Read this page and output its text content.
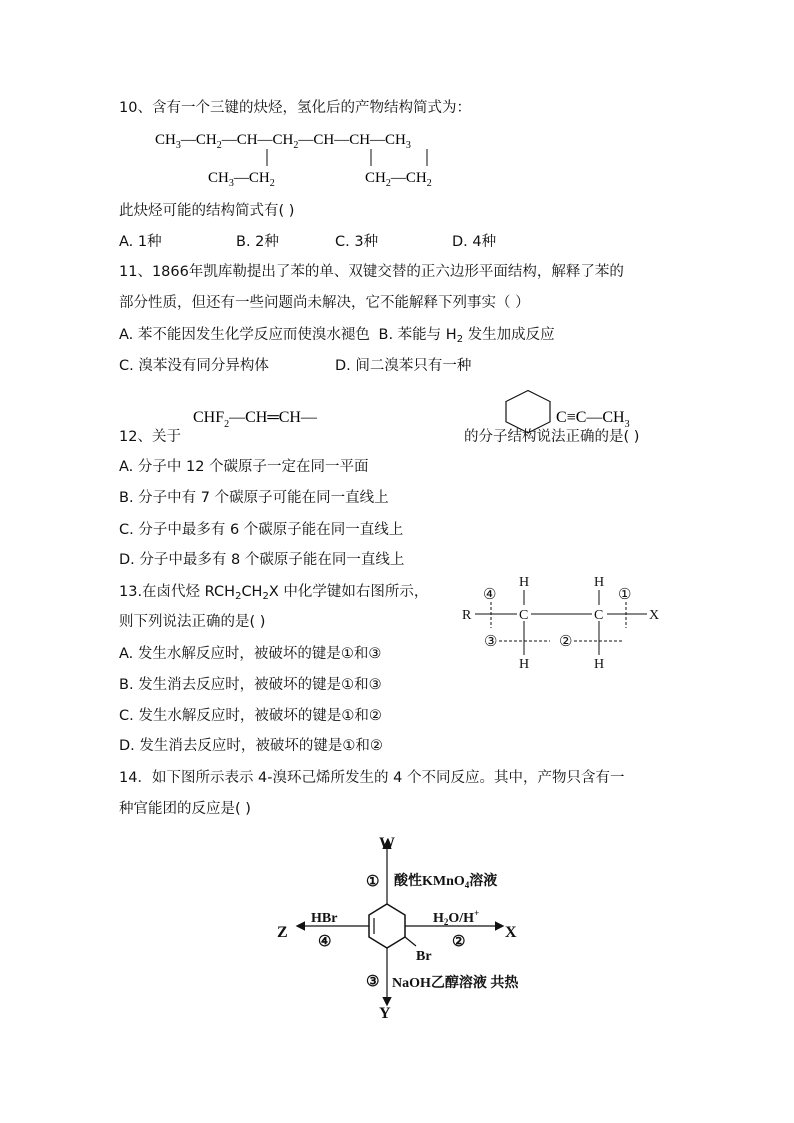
10、含有一个三键的炔烃，氢化后的产物结构简式为：
$CH_3—CH_2—CH—CH_2—CH—CH—CH_3$
$CH_3—CH_2$	$CH_2—CH_2$
此炔烃可能的结构简式有( )
A. 1种	B. 2种	C. 3种	D. 4种
11、1866年凯库勒提出了苯的单、双键交替的正六边形平面结构，解释了苯的
部分性质，但还有一些问题尚未解决，它不能解释下列事实（ ）
A. 苯不能因发生化学反应而使溴水褪色 B. 苯能与 $H_2$ 发生加成反应
C. 溴苯没有同分异构体	D. 间二溴苯只有一种
12、关于
$CHF_2—CH═CH—$	$C\equiv C—CH_3$
的分子结构说法正确的是( )
A. 分子中 12 个碳原子一定在同一平面
B. 分子中有 7 个碳原子可能在同一直线上
C. 分子中最多有 6 个碳原子能在同一直线上
D. 分子中最多有 8 个碳原子能在同一直线上
13.在卤代烃 $RCH_2CH_2X$ 中化学键如右图所示，
则下列说法正确的是( )
A. 发生水解反应时，被破坏的键是①和③
B. 发生消去反应时，被破坏的键是①和③
C. 发生水解反应时，被破坏的键是①和②
D. 发生消去反应时，被破坏的键是①和②
R
H	H
C	C
H	H
X
④	①
③	②
14．如下图所示表示 4-溴环己烯所发生的 4 个不同反应。其中，产物只含有一
种官能团的反应是( )
W
Y
Z	X
①
②
③
④
酸性KMnO$_4$溶液
$H_2O/H^+$
HBr
NaOH乙醇溶液 共热
Br
